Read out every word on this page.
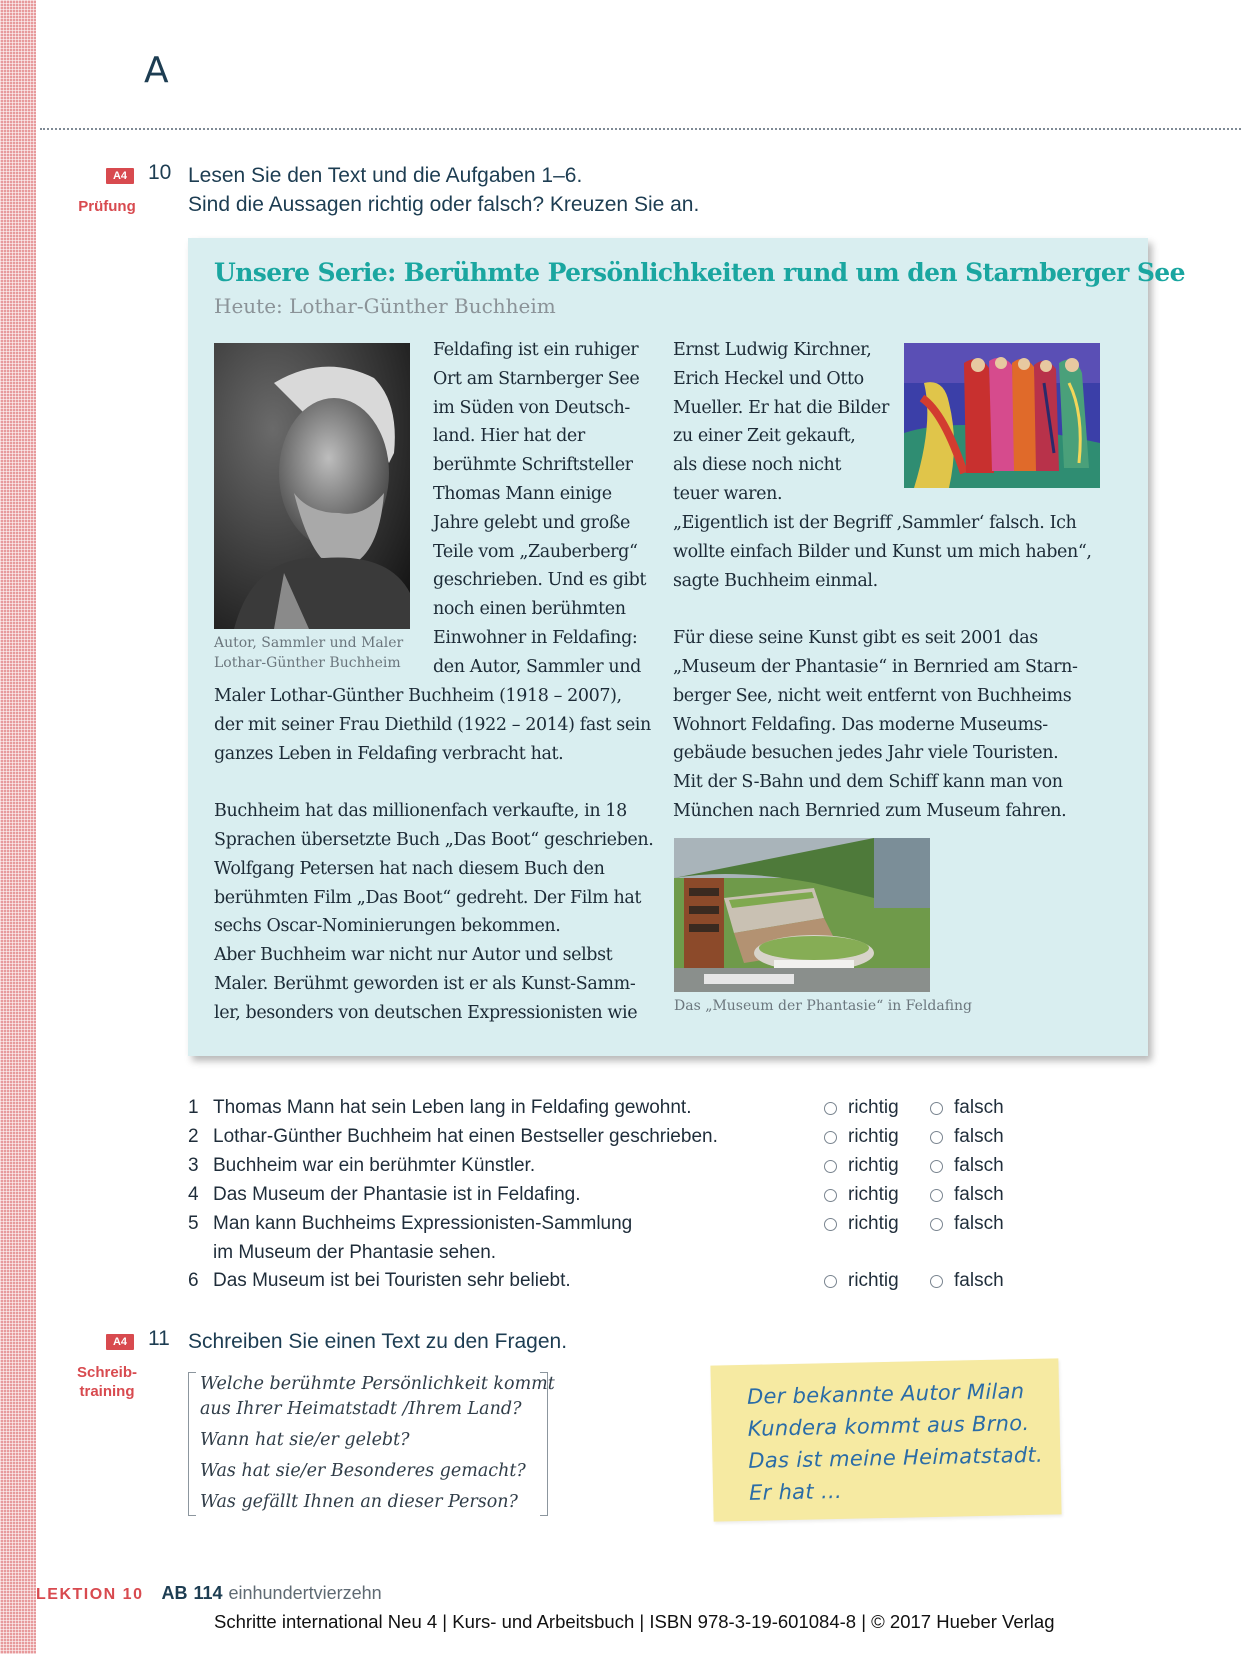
A
A4
Prüfung
10 Lesen Sie den Text und die Aufgaben 1–6.
Sind die Aussagen richtig oder falsch? Kreuzen Sie an.
Unsere Serie: Berühmte Persönlichkeiten rund um den Starnberger See
Heute: Lothar-Günther Buchheim
Autor, Sammler und Maler
Lothar-Günther Buchheim
Feldafing ist ein ruhiger
Ort am Starnberger See
im Süden von Deutsch-
land. Hier hat der
berühmte Schriftsteller
Thomas Mann einige
Jahre gelebt und große
Teile vom „Zauberberg“
geschrieben. Und es gibt
noch einen berühmten
Einwohner in Feldafing:
den Autor, Sammler und
Maler Lothar-Günther Buchheim (1918 – 2007),
der mit seiner Frau Diethild (1922 – 2014) fast sein
ganzes Leben in Feldafing verbracht hat.
Buchheim hat das millionenfach verkaufte, in 18
Sprachen übersetzte Buch „Das Boot“ geschrieben.
Wolfgang Petersen hat nach diesem Buch den
berühmten Film „Das Boot“ gedreht. Der Film hat
sechs Oscar-Nominierungen bekommen.
Aber Buchheim war nicht nur Autor und selbst
Maler. Berühmt geworden ist er als Kunst-Samm-
ler, besonders von deutschen Expressionisten wie
Ernst Ludwig Kirchner,
Erich Heckel und Otto
Mueller. Er hat die Bilder
zu einer Zeit gekauft,
als diese noch nicht
teuer waren.
„Eigentlich ist der Begriff ‚Sammler‘ falsch. Ich
wollte einfach Bilder und Kunst um mich haben“,
sagte Buchheim einmal.
Für diese seine Kunst gibt es seit 2001 das
„Museum der Phantasie“ in Bernried am Starn-
berger See, nicht weit entfernt von Buchheims
Wohnort Feldafing. Das moderne Museums-
gebäude besuchen jedes Jahr viele Touristen.
Mit der S-Bahn und dem Schiff kann man von
München nach Bernried zum Museum fahren.
Das „Museum der Phantasie“ in Feldafing
1 Thomas Mann hat sein Leben lang in Feldafing gewohnt.	richtig	falsch
2 Lothar-Günther Buchheim hat einen Bestseller geschrieben.	richtig	falsch
3 Buchheim war ein berühmter Künstler.	richtig	falsch
4 Das Museum der Phantasie ist in Feldafing.	richtig	falsch
5 Man kann Buchheims Expressionisten-Sammlung
im Museum der Phantasie sehen.
richtig	falsch
6 Das Museum ist bei Touristen sehr beliebt.	richtig	falsch
A4
Schreib-
training
11 Schreiben Sie einen Text zu den Fragen.
Welche berühmte Persönlichkeit kommt
aus Ihrer Heimatstadt /Ihrem Land?
Wann hat sie/er gelebt?
Was hat sie/er Besonderes gemacht?
Was gefällt Ihnen an dieser Person?
Der bekannte Autor Milan
Kundera kommt aus Brno.
Das ist meine Heimatstadt.
Er hat …
LEKTION 10 AB 114 einhundertvierzehn
Schritte international Neu 4 | Kurs- und Arbeitsbuch | ISBN 978-3-19-601084-8 | © 2017 Hueber Verlag
